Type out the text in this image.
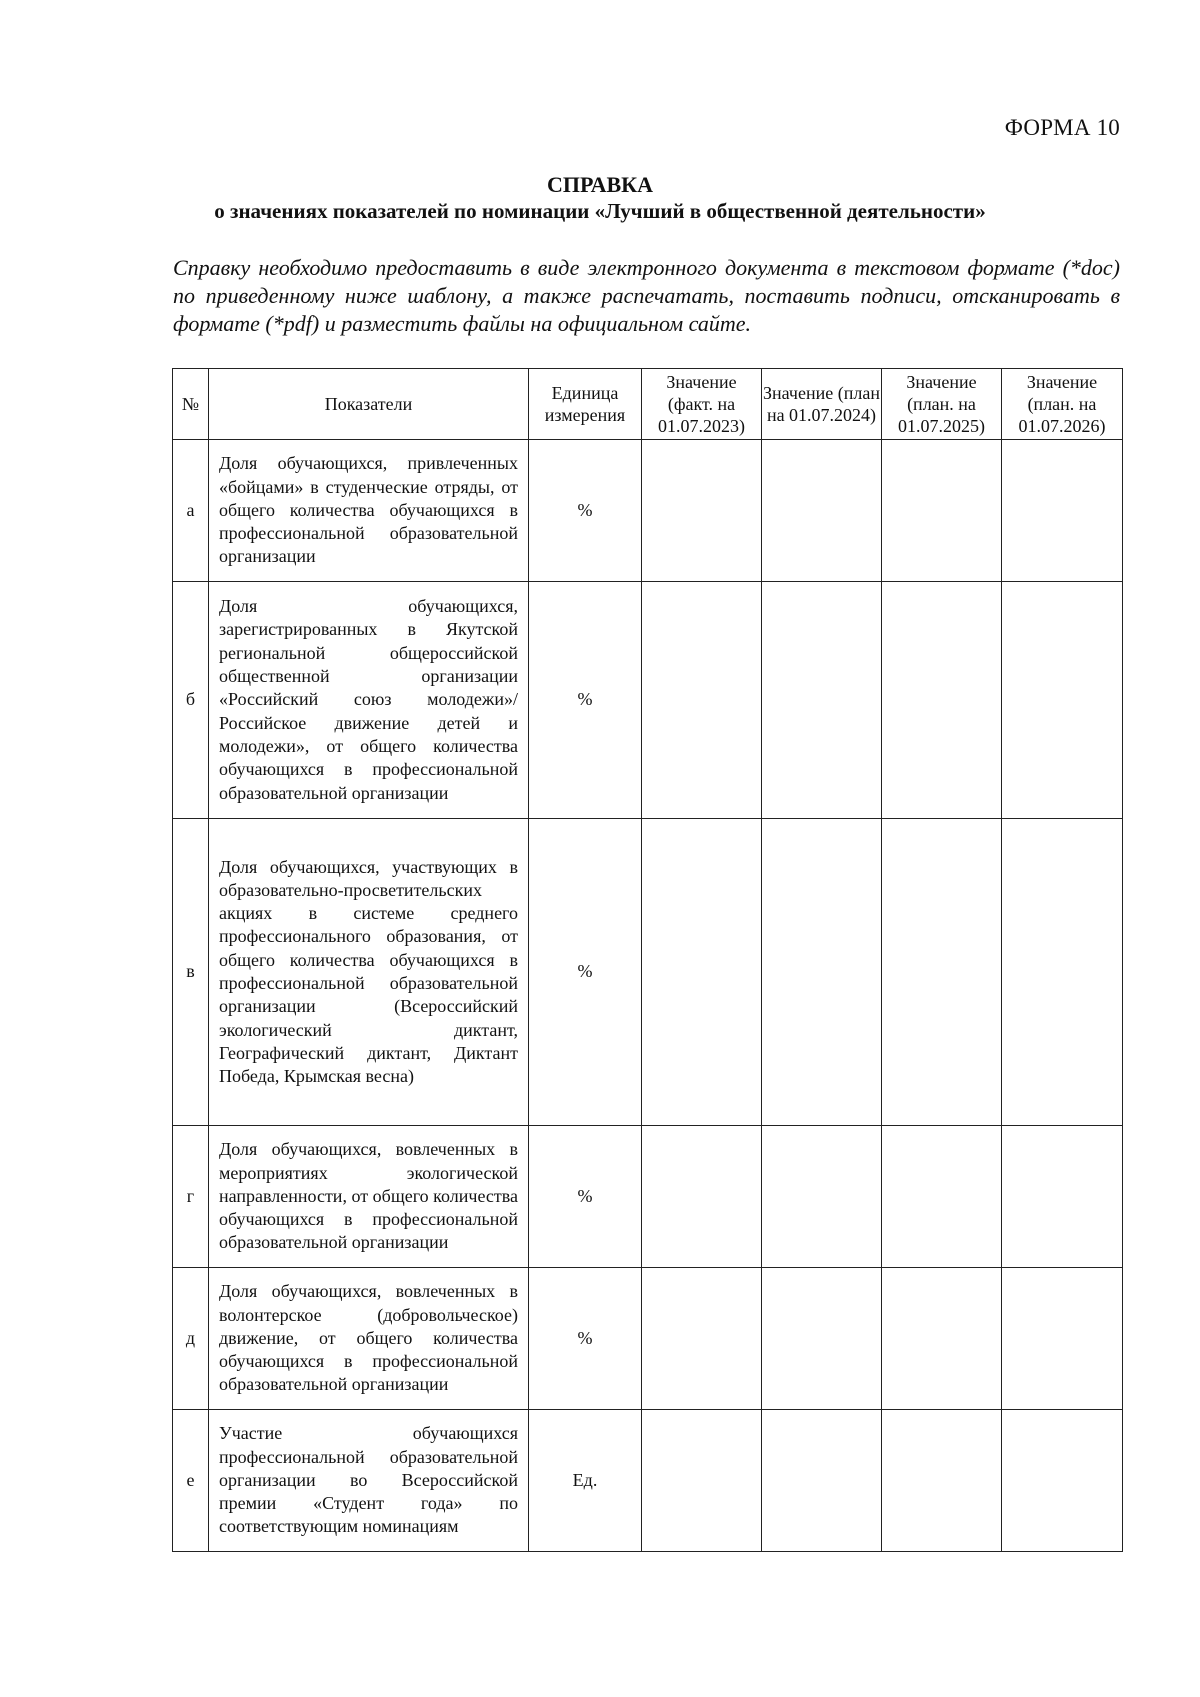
ФОРМА 10
СПРАВКА
о значениях показателей по номинации «Лучший в общественной деятельности»
Справку необходимо предоставить в виде электронного документа в текстовом формате (*doc) по приведенному ниже шаблону, а также распечатать, поставить подписи, отсканировать в формате (*pdf) и разместить файлы на официальном сайте.
№	Показатели	Единица измерения	Значение (факт. на 01.07.2023)	Значение (план на 01.07.2024)	Значение (план. на 01.07.2025)	Значение (план. на 01.07.2026)
а	Доля обучающихся, привлеченных «бойцами» в студенческие отряды, от общего количества обучающихся в профессиональной образовательной организации	%				
б	Доля обучающихся, зарегистрированных в Якутской региональной общероссийской общественной организации «Российский союз молодежи»/Российское движение детей и молодежи», от общего количества обучающихся в профессиональной образовательной организации	%				
в	Доля обучающихся, участвующих в образовательно-просветительских акциях в системе среднего профессионального образования, от общего количества обучающихся в профессиональной образовательной организации (Всероссийский экологический диктант, Географический диктант, Диктант Победа, Крымская весна)	%				
г	Доля обучающихся, вовлеченных в мероприятиях экологической направленности, от общего количества обучающихся в профессиональной образовательной организации	%				
д	Доля обучающихся, вовлеченных в волонтерское (добровольческое) движение, от общего количества обучающихся в профессиональной образовательной организации	%				
е	Участие обучающихся профессиональной образовательной организации во Всероссийской премии «Студент года» по соответствующим номинациям	Ед.				
